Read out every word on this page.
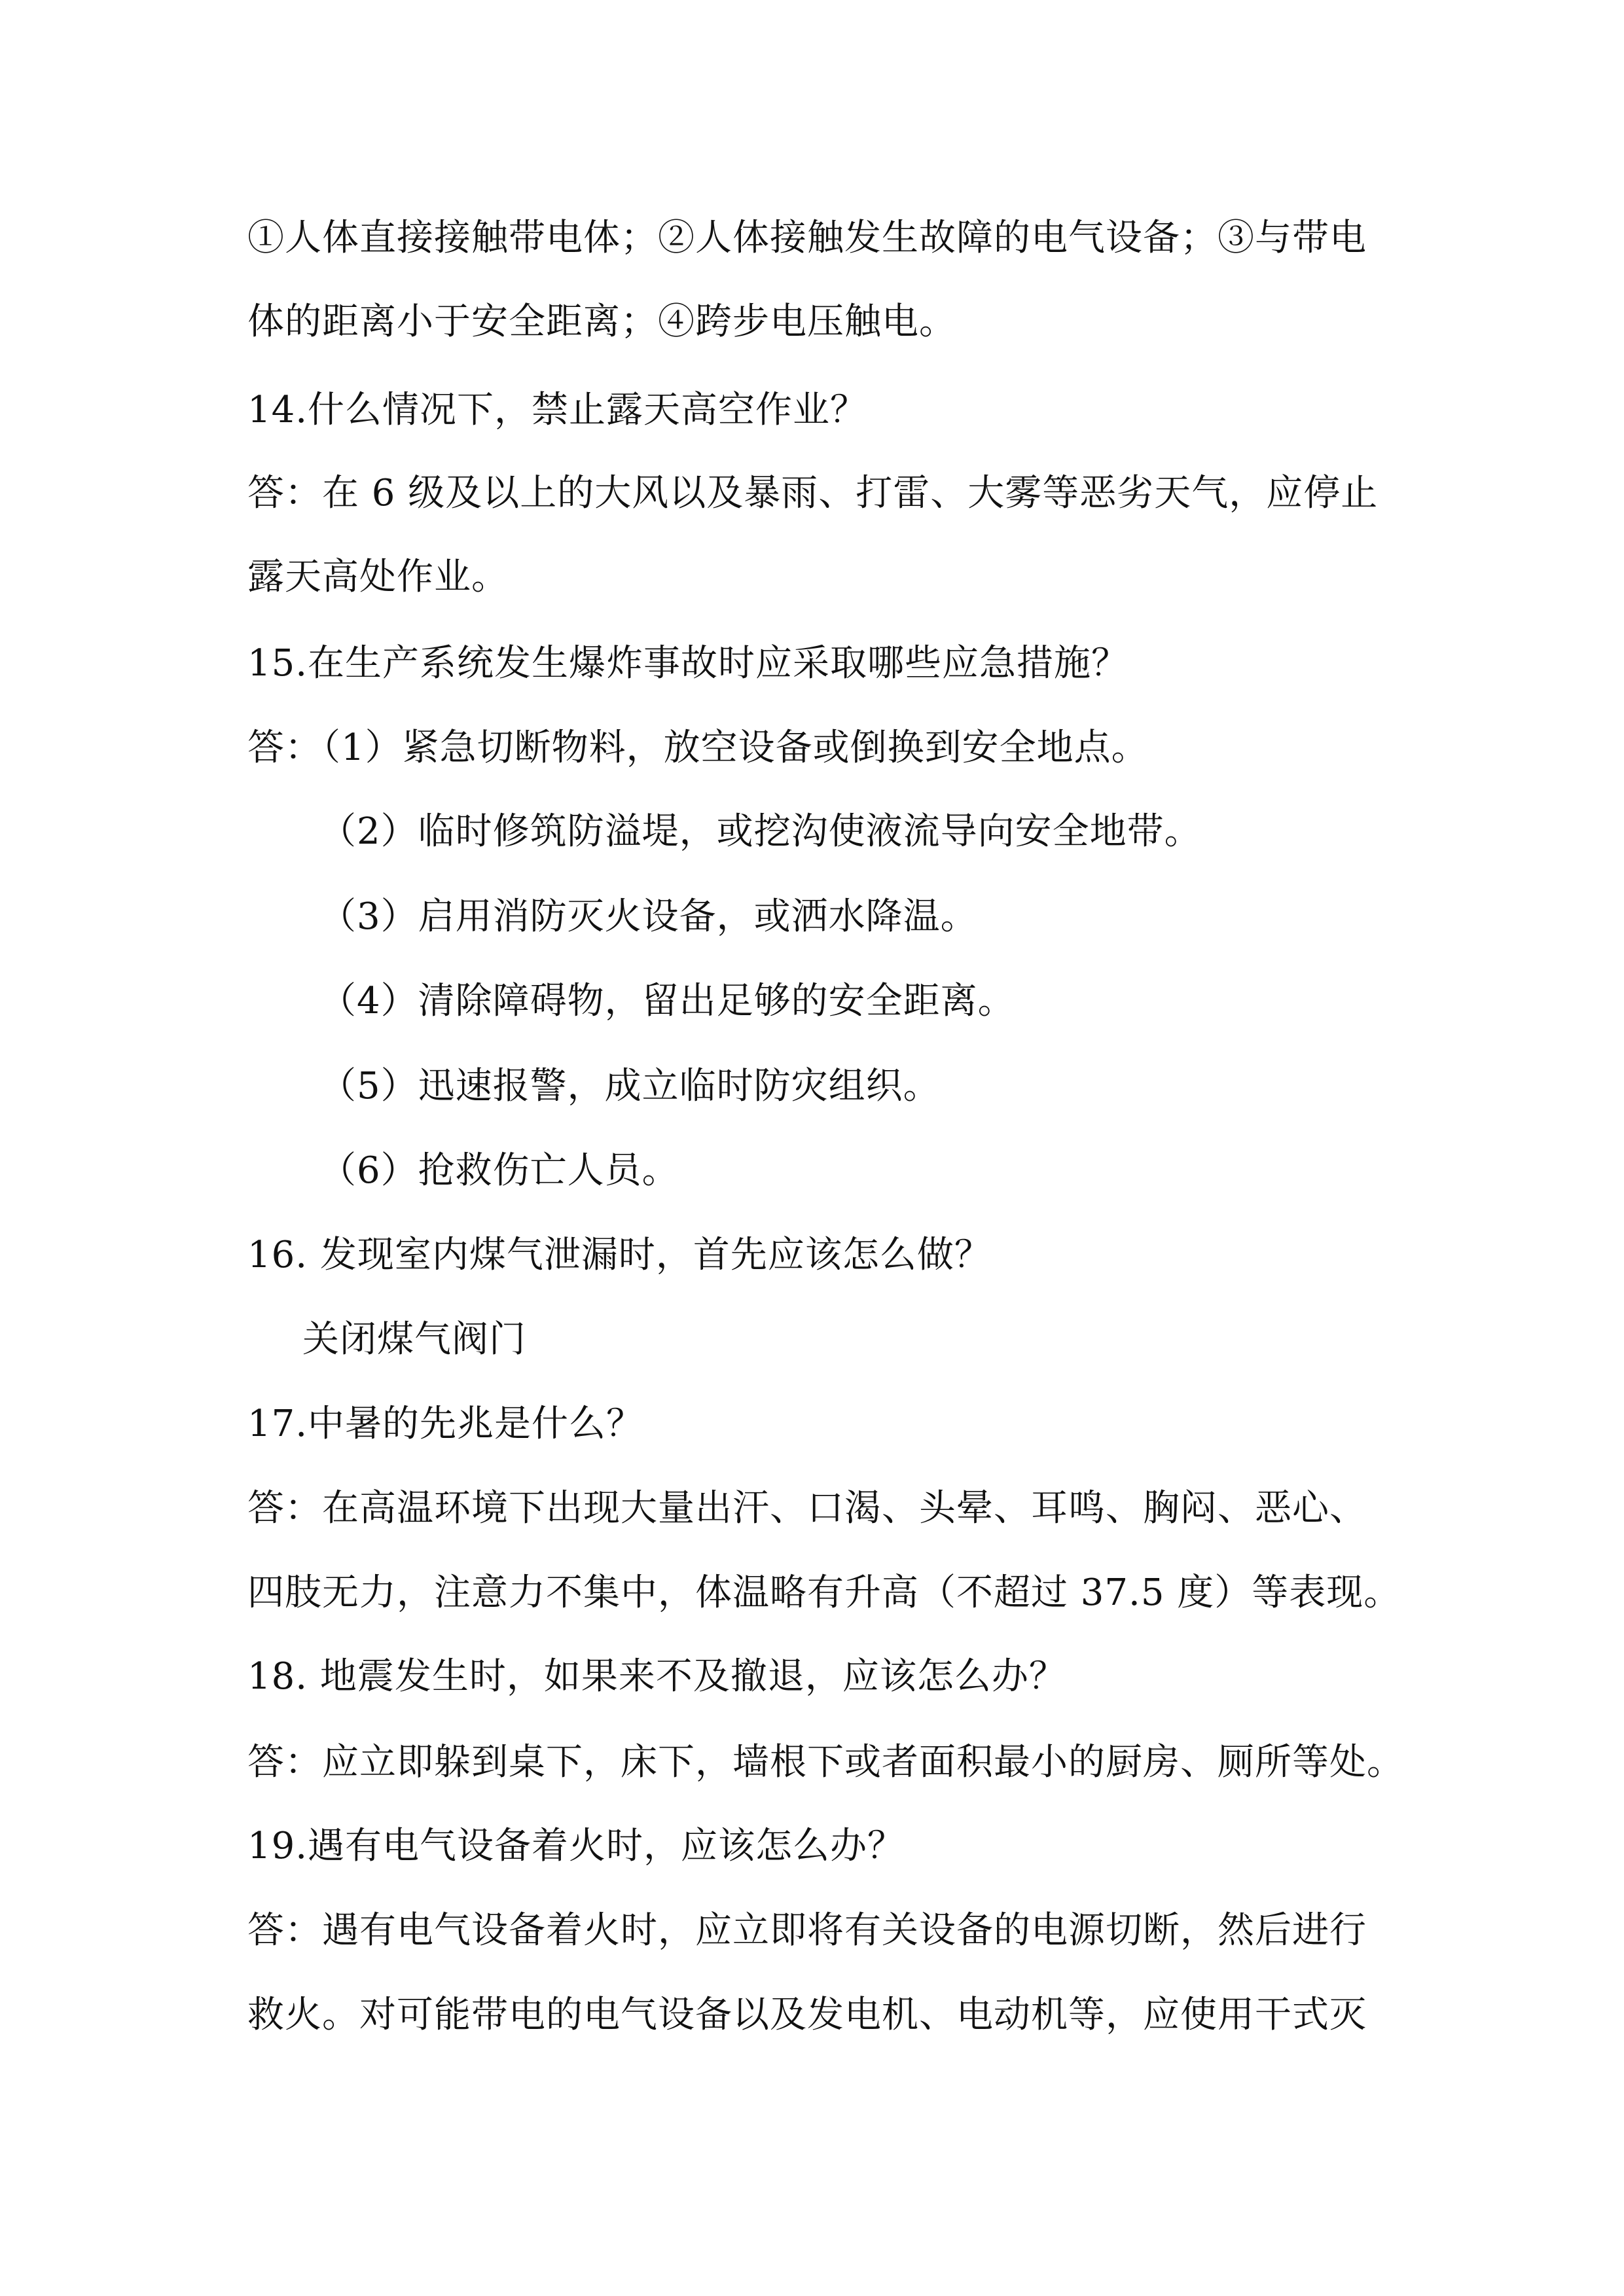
①人体直接接触带电体；②人体接触发生故障的电气设备；③与带电
体的距离小于安全距离；④跨步电压触电。
14.什么情况下，禁止露天高空作业？
答：在 6 级及以上的大风以及暴雨、打雷、大雾等恶劣天气，应停止
露天高处作业。
15.在生产系统发生爆炸事故时应采取哪些应急措施？
答：（1）紧急切断物料，放空设备或倒换到安全地点。
（2）临时修筑防溢堤，或挖沟使液流导向安全地带。
（3）启用消防灭火设备，或洒水降温。
（4）清除障碍物，留出足够的安全距离。
（5）迅速报警，成立临时防灾组织。
（6）抢救伤亡人员。
16. 发现室内煤气泄漏时，首先应该怎么做？
关闭煤气阀门
17.中暑的先兆是什么？
答：在高温环境下出现大量出汗、口渴、头晕、耳鸣、胸闷、恶心、
四肢无力，注意力不集中，体温略有升高（不超过 37.5 度）等表现。
18. 地震发生时，如果来不及撤退，应该怎么办？
答：应立即躲到桌下，床下，墙根下或者面积最小的厨房、厕所等处。
19.遇有电气设备着火时，应该怎么办？
答：遇有电气设备着火时，应立即将有关设备的电源切断，然后进行
救火。对可能带电的电气设备以及发电机、电动机等，应使用干式灭
